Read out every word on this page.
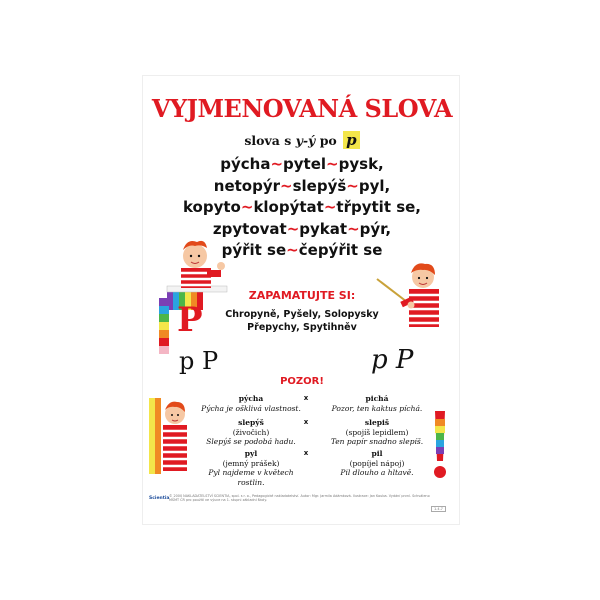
VYJMENOVANÁ SLOVA
slova s y-ý po p
pýcha~pytel~pysk,
netopýr~slepýš~pyl,
kopyto~klopýtat~třpytit se,
zpytovat~pykat~pýr,
pýřit se~čepýřit se
ZAPAMATUJTE SI:
Chropyně, Pyšely, Solopysky
Přepychy, Spytihněv
P
p P	p P
POZOR!
pýcha
Pýcha je ošklivá vlastnost.
x	pichá
Pozor, ten kaktus píchá.
slepýš
(živočich)
Slepýš se podobá hadu.
x	slepiš
(spojíš lepidlem)
Ten papír snadno slepíš.
pyl
(jemný prášek)
Pyl najdeme v květech rostlin.
x	pil
(popíjel nápoj)
Pil dlouho a hltavě.
Scientia © 2000 NAKLADATELSTVÍ SCIENTIA, spol. s r. o., Pedagogické nakladatelství. Autor: Mgr. Jarmila Adámková. Ilustrace: Jan Kouba. Vydání první. Schváleno MŠMT ČR pro použití ve výuce na 1. stupni základní školy.
1.4.7
